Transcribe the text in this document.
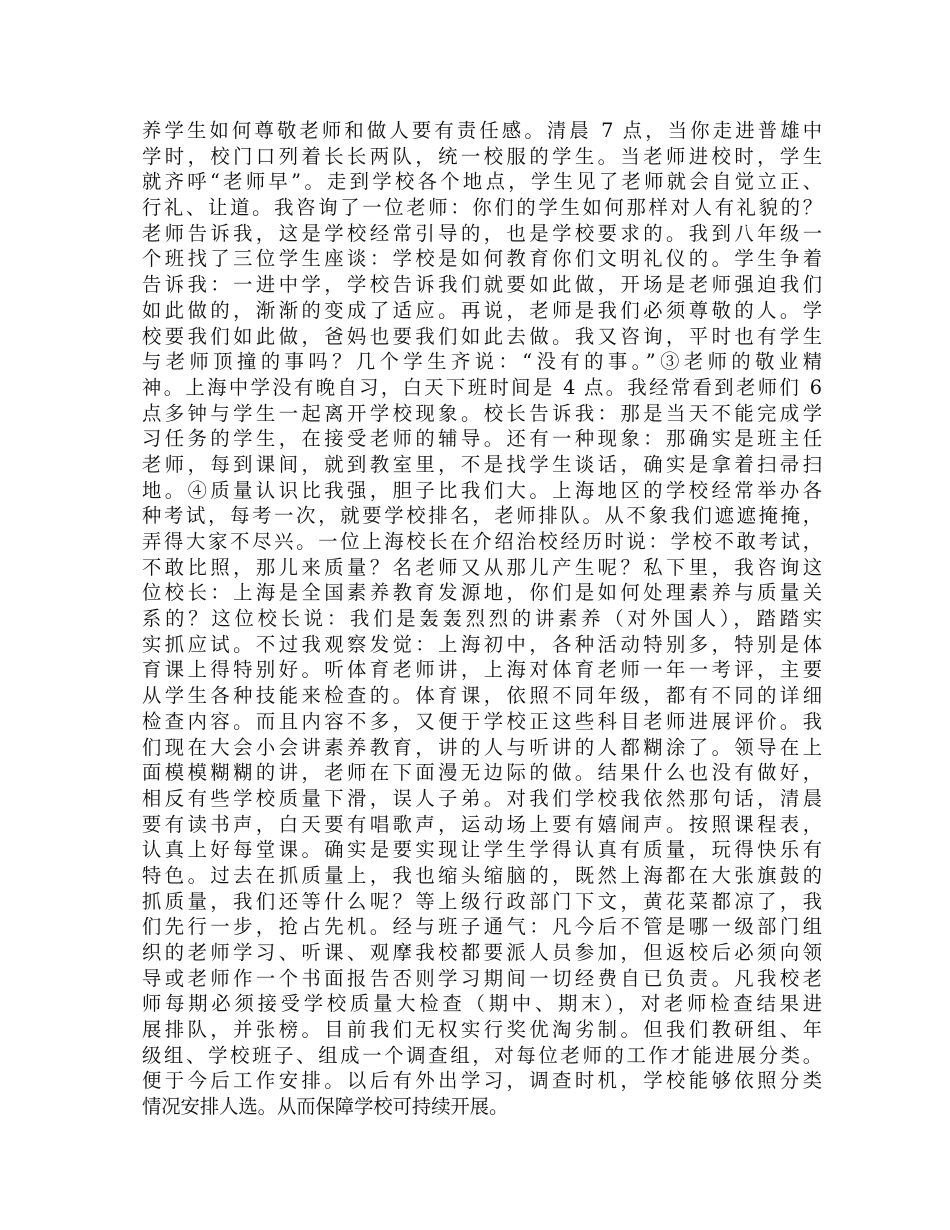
养学生如何尊敬老师和做人要有责任感。清晨 7 点，当你走进普雄中
学时，校门口列着长长两队，统一校服的学生。当老师进校时，学生
就齐呼“老师早”。走到学校各个地点，学生见了老师就会自觉立正、
行礼、让道。我咨询了一位老师：你们的学生如何那样对人有礼貌的？
老师告诉我，这是学校经常引导的，也是学校要求的。我到八年级一
个班找了三位学生座谈：学校是如何教育你们文明礼仪的。学生争着
告诉我：一进中学，学校告诉我们就要如此做，开场是老师强迫我们
如此做的，渐渐的变成了适应。再说，老师是我们必须尊敬的人。学
校要我们如此做，爸妈也要我们如此去做。我又咨询，平时也有学生
与老师顶撞的事吗？几个学生齐说：“没有的事。”③老师的敬业精
神。上海中学没有晚自习，白天下班时间是 4 点。我经常看到老师们 6
点多钟与学生一起离开学校现象。校长告诉我：那是当天不能完成学
习任务的学生，在接受老师的辅导。还有一种现象：那确实是班主任
老师，每到课间，就到教室里，不是找学生谈话，确实是拿着扫帚扫
地。④质量认识比我强，胆子比我们大。上海地区的学校经常举办各
种考试，每考一次，就要学校排名，老师排队。从不象我们遮遮掩掩，
弄得大家不尽兴。一位上海校长在介绍治校经历时说：学校不敢考试，
不敢比照，那儿来质量？名老师又从那儿产生呢？私下里，我咨询这
位校长：上海是全国素养教育发源地，你们是如何处理素养与质量关
系的？这位校长说：我们是轰轰烈烈的讲素养（对外国人），踏踏实
实抓应试。不过我观察发觉：上海初中，各种活动特别多，特别是体
育课上得特别好。听体育老师讲，上海对体育老师一年一考评，主要
从学生各种技能来检查的。体育课，依照不同年级，都有不同的详细
检查内容。而且内容不多，又便于学校正这些科目老师进展评价。我
们现在大会小会讲素养教育，讲的人与听讲的人都糊涂了。领导在上
面模模糊糊的讲，老师在下面漫无边际的做。结果什么也没有做好，
相反有些学校质量下滑，误人子弟。对我们学校我依然那句话，清晨
要有读书声，白天要有唱歌声，运动场上要有嬉闹声。按照课程表，
认真上好每堂课。确实是要实现让学生学得认真有质量，玩得快乐有
特色。过去在抓质量上，我也缩头缩脑的，既然上海都在大张旗鼓的
抓质量，我们还等什么呢？等上级行政部门下文，黄花菜都凉了，我
们先行一步，抢占先机。经与班子通气：凡今后不管是哪一级部门组
织的老师学习、听课、观摩我校都要派人员参加，但返校后必须向领
导或老师作一个书面报告否则学习期间一切经费自已负责。凡我校老
师每期必须接受学校质量大检查（期中、期末），对老师检查结果进
展排队，并张榜。目前我们无权实行奖优淘劣制。但我们教研组、年
级组、学校班子、组成一个调查组，对每位老师的工作才能进展分类。
便于今后工作安排。以后有外出学习，调查时机，学校能够依照分类
情况安排人选。从而保障学校可持续开展。
